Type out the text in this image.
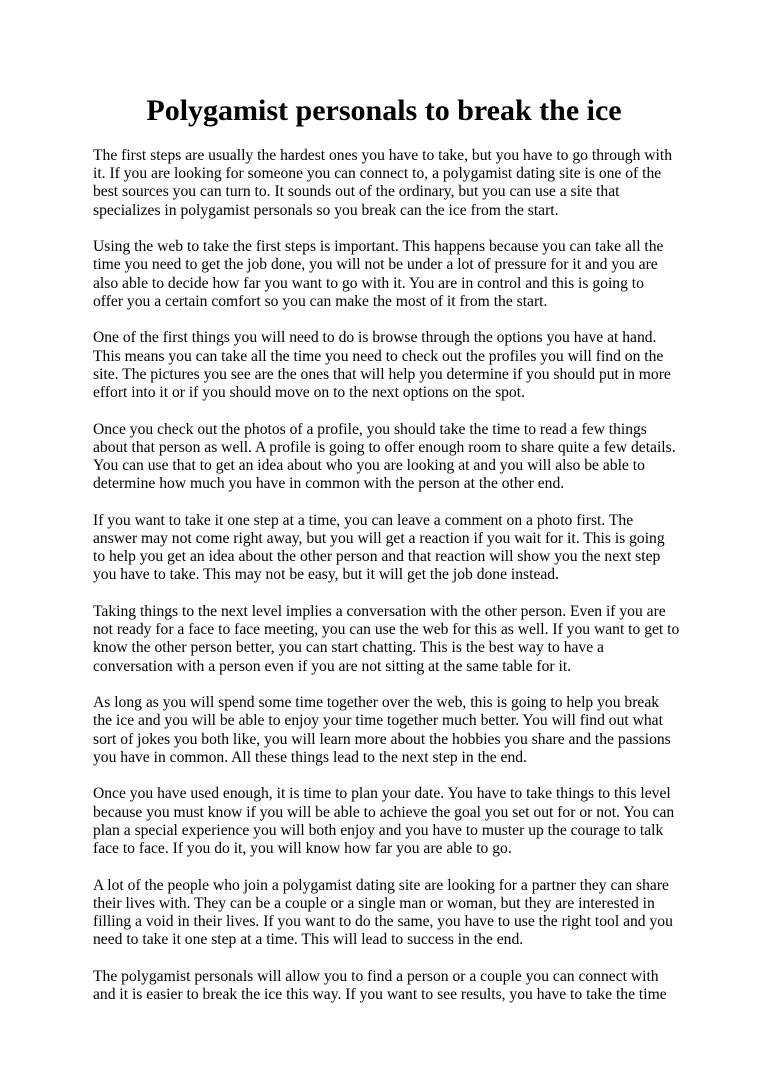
Polygamist personals to break the ice

The first steps are usually the hardest ones you have to take, but you have to go through with
it. If you are looking for someone you can connect to, a polygamist dating site is one of the
best sources you can turn to. It sounds out of the ordinary, but you can use a site that
specializes in polygamist personals so you break can the ice from the start.

Using the web to take the first steps is important. This happens because you can take all the
time you need to get the job done, you will not be under a lot of pressure for it and you are
also able to decide how far you want to go with it. You are in control and this is going to
offer you a certain comfort so you can make the most of it from the start.

One of the first things you will need to do is browse through the options you have at hand.
This means you can take all the time you need to check out the profiles you will find on the
site. The pictures you see are the ones that will help you determine if you should put in more
effort into it or if you should move on to the next options on the spot.

Once you check out the photos of a profile, you should take the time to read a few things
about that person as well. A profile is going to offer enough room to share quite a few details.
You can use that to get an idea about who you are looking at and you will also be able to
determine how much you have in common with the person at the other end.

If you want to take it one step at a time, you can leave a comment on a photo first. The
answer may not come right away, but you will get a reaction if you wait for it. This is going
to help you get an idea about the other person and that reaction will show you the next step
you have to take. This may not be easy, but it will get the job done instead.

Taking things to the next level implies a conversation with the other person. Even if you are
not ready for a face to face meeting, you can use the web for this as well. If you want to get to
know the other person better, you can start chatting. This is the best way to have a
conversation with a person even if you are not sitting at the same table for it.

As long as you will spend some time together over the web, this is going to help you break
the ice and you will be able to enjoy your time together much better. You will find out what
sort of jokes you both like, you will learn more about the hobbies you share and the passions
you have in common. All these things lead to the next step in the end.

Once you have used enough, it is time to plan your date. You have to take things to this level
because you must know if you will be able to achieve the goal you set out for or not. You can
plan a special experience you will both enjoy and you have to muster up the courage to talk
face to face. If you do it, you will know how far you are able to go.

A lot of the people who join a polygamist dating site are looking for a partner they can share
their lives with. They can be a couple or a single man or woman, but they are interested in
filling a void in their lives. If you want to do the same, you have to use the right tool and you
need to take it one step at a time. This will lead to success in the end.

The polygamist personals will allow you to find a person or a couple you can connect with
and it is easier to break the ice this way. If you want to see results, you have to take the time
